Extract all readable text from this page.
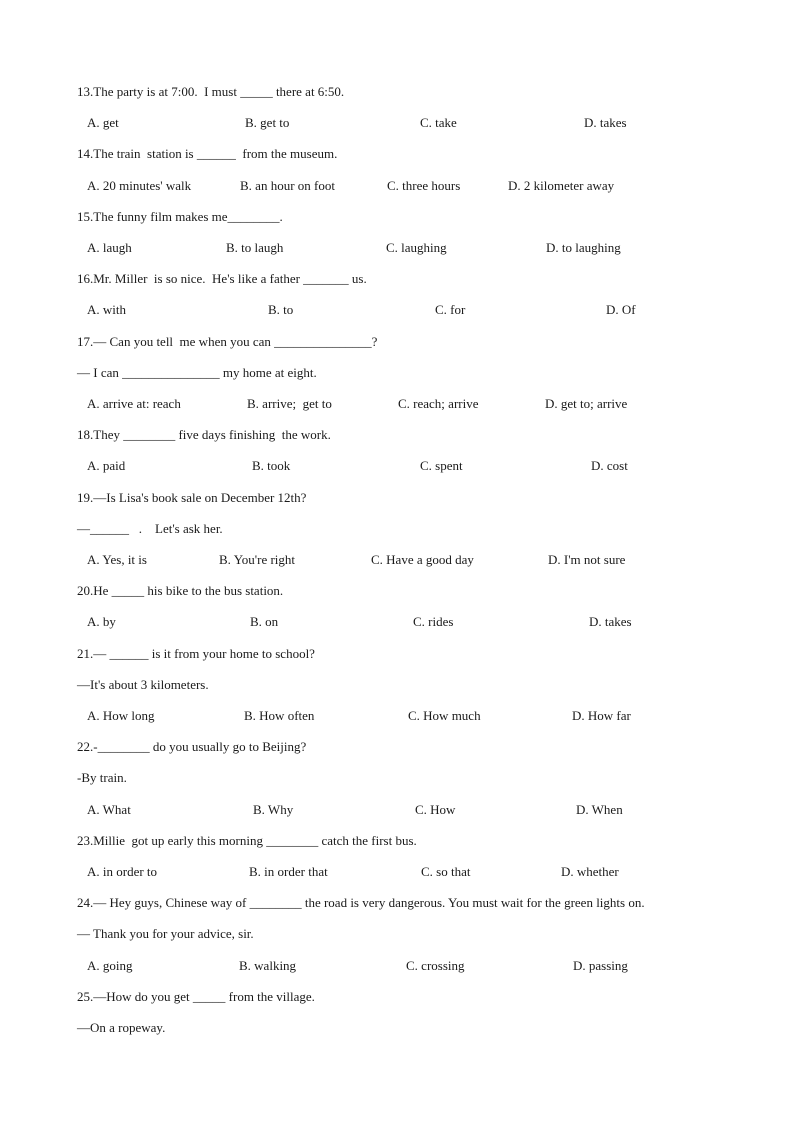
13.The party is at 7:00.  I must _____ there at 6:50.
A. get	B. get to	C. take	D. takes
14.The train  station is ______  from the museum.
A. 20 minutes' walk	B. an hour on foot	C. three hours	D. 2 kilometer away
15.The funny film makes me________.
A. laugh	B. to laugh	C. laughing	D. to laughing
16.Mr. Miller  is so nice.  He's like a father _______ us.
A. with	B. to	C. for	D. Of
17.— Can you tell  me when you can _______________?
— I can _______________ my home at eight.
A. arrive at: reach	B. arrive;  get to	C. reach; arrive	D. get to; arrive
18.They ________ five days finishing  the work.
A. paid	B. took	C. spent	D. cost
19.—Is Lisa's book sale on December 12th?
—______   .    Let's ask her.
A. Yes, it is	B. You're right	C. Have a good day	D. I'm not sure
20.He _____ his bike to the bus station.
A. by	B. on	C. rides	D. takes
21.— ______ is it from your home to school?
—It's about 3 kilometers.
A. How long	B. How often	C. How much	D. How far
22.-________ do you usually go to Beijing?
-By train.
A. What	B. Why	C. How	D. When
23.Millie  got up early this morning ________ catch the first bus.
A. in order to	B. in order that	C. so that	D. whether
24.— Hey guys, Chinese way of ________ the road is very dangerous. You must wait for the green lights on.
— Thank you for your advice, sir.
A. going	B. walking	C. crossing	D. passing
25.—How do you get _____ from the village.
—On a ropeway.
